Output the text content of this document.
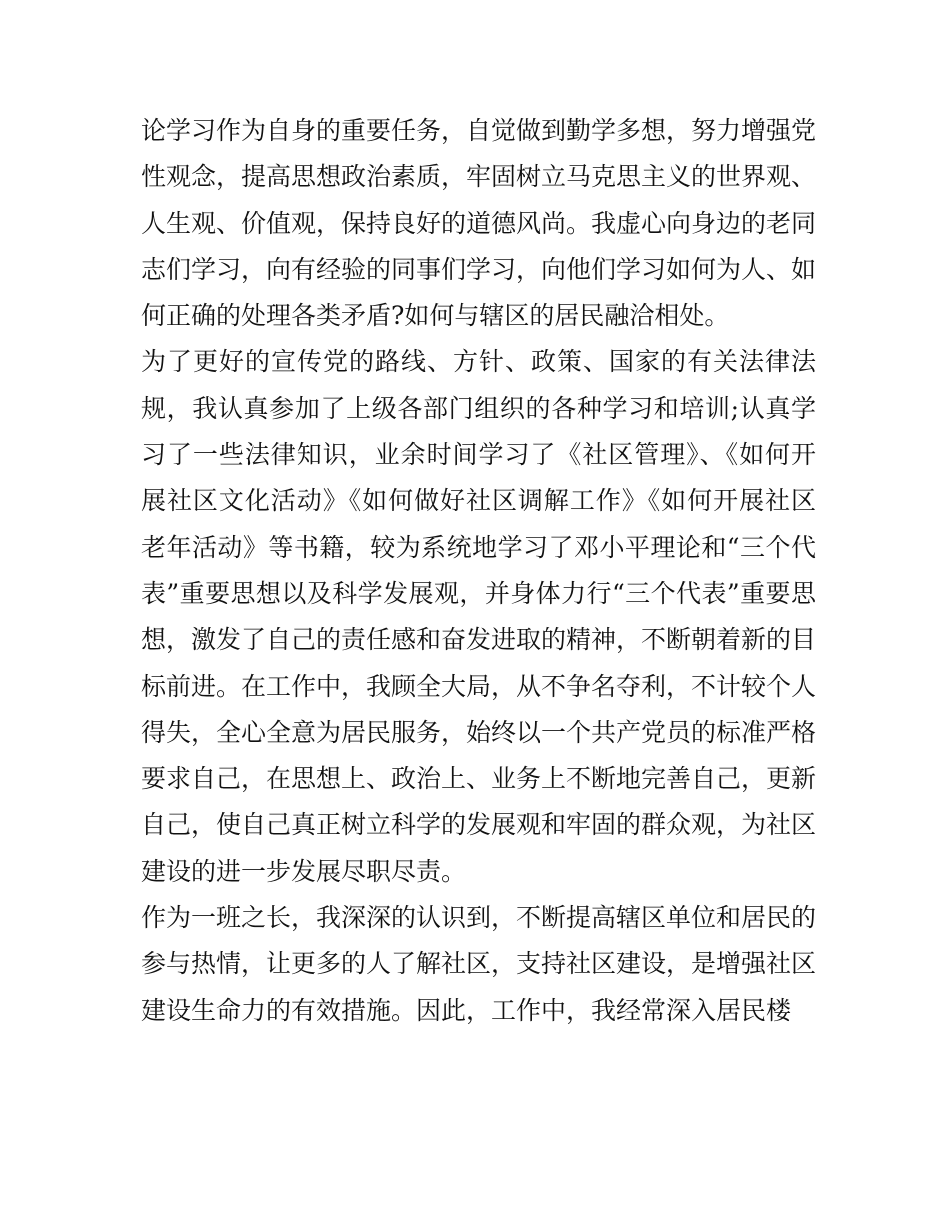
论学习作为自身的重要任务，自觉做到勤学多想，努力增强党
性观念，提高思想政治素质，牢固树立马克思主义的世界观、
人生观、价值观，保持良好的道德风尚。我虚心向身边的老同
志们学习，向有经验的同事们学习，向他们学习如何为人、如
何正确的处理各类矛盾?如何与辖区的居民融洽相处。
为了更好的宣传党的路线、方针、政策、国家的有关法律法
规，我认真参加了上级各部门组织的各种学习和培训;认真学
习了一些法律知识，业余时间学习了《社区管理》、《如何开
展社区文化活动》《如何做好社区调解工作》《如何开展社区
老年活动》等书籍，较为系统地学习了邓小平理论和“三个代
表”重要思想以及科学发展观，并身体力行“三个代表”重要思
想，激发了自己的责任感和奋发进取的精神，不断朝着新的目
标前进。在工作中，我顾全大局，从不争名夺利，不计较个人
得失，全心全意为居民服务，始终以一个共产党员的标准严格
要求自己，在思想上、政治上、业务上不断地完善自己，更新
自己，使自己真正树立科学的发展观和牢固的群众观，为社区
建设的进一步发展尽职尽责。
作为一班之长，我深深的认识到，不断提高辖区单位和居民的
参与热情，让更多的人了解社区，支持社区建设，是增强社区
建设生命力的有效措施。因此，工作中，我经常深入居民楼
